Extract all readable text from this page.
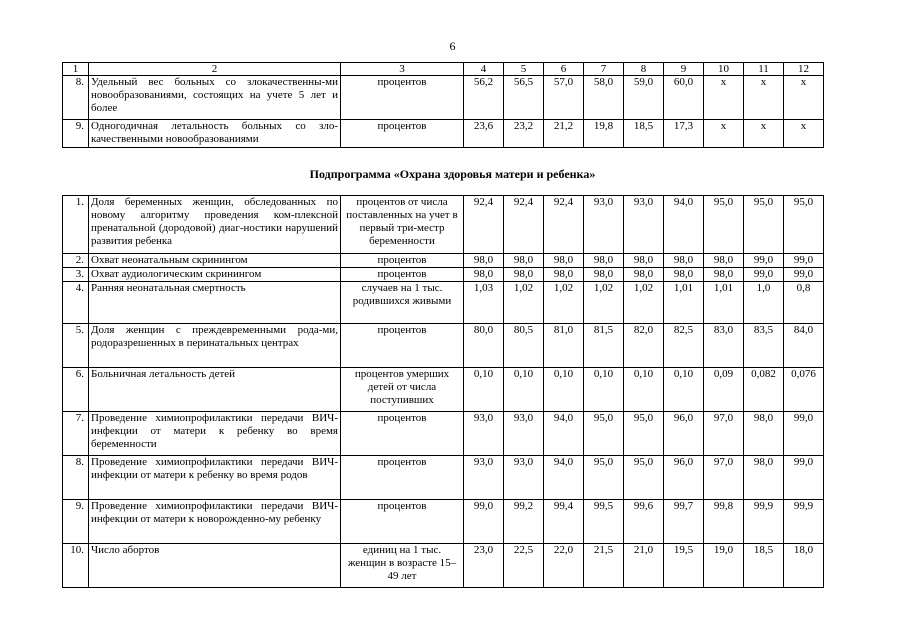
6
1	2	3	4	5	6	7	8	9	10	11	12
8.	Удельный вес больных со злокачественны-ми новообразованиями, состоящих на учете 5 лет и более	процентов	56,2	56,5	57,0	58,0	59,0	60,0	х	х	х
9.	Одногодичная летальность больных со зло-качественными новообразованиями	процентов	23,6	23,2	21,2	19,8	18,5	17,3	х	х	х
Подпрограмма «Охрана здоровья матери и ребенка»
1.	Доля беременных женщин, обследованных по новому алгоритму проведения ком-плексной пренатальной (дородовой) диаг-ностики нарушений развития ребенка	процентов от числа поставленных на учет в первый три-местр беременности	92,4	92,4	92,4	93,0	93,0	94,0	95,0	95,0	95,0
2.	Охват неонатальным скринингом	процентов	98,0	98,0	98,0	98,0	98,0	98,0	98,0	99,0	99,0
3.	Охват аудиологическим скринингом	процентов	98,0	98,0	98,0	98,0	98,0	98,0	98,0	99,0	99,0
4.	Ранняя неонатальная смертность	случаев на 1 тыс. родившихся живыми	1,03	1,02	1,02	1,02	1,02	1,01	1,01	1,0	0,8
5.	Доля женщин с преждевременными рода-ми, родоразрешенных в перинатальных центрах	процентов	80,0	80,5	81,0	81,5	82,0	82,5	83,0	83,5	84,0
6.	Больничная летальность детей	процентов умерших детей от числа поступивших	0,10	0,10	0,10	0,10	0,10	0,10	0,09	0,082	0,076
7.	Проведение химиопрофилактики передачи ВИЧ-инфекции от матери к ребенку во время беременности	процентов	93,0	93,0	94,0	95,0	95,0	96,0	97,0	98,0	99,0
8.	Проведение химиопрофилактики передачи ВИЧ-инфекции от матери к ребенку во время родов	процентов	93,0	93,0	94,0	95,0	95,0	96,0	97,0	98,0	99,0
9.	Проведение химиопрофилактики передачи ВИЧ-инфекции от матери к новорожденно-му ребенку	процентов	99,0	99,2	99,4	99,5	99,6	99,7	99,8	99,9	99,9
10.	Число абортов	единиц на 1 тыс. женщин в возрасте 15–49 лет	23,0	22,5	22,0	21,5	21,0	19,5	19,0	18,5	18,0
